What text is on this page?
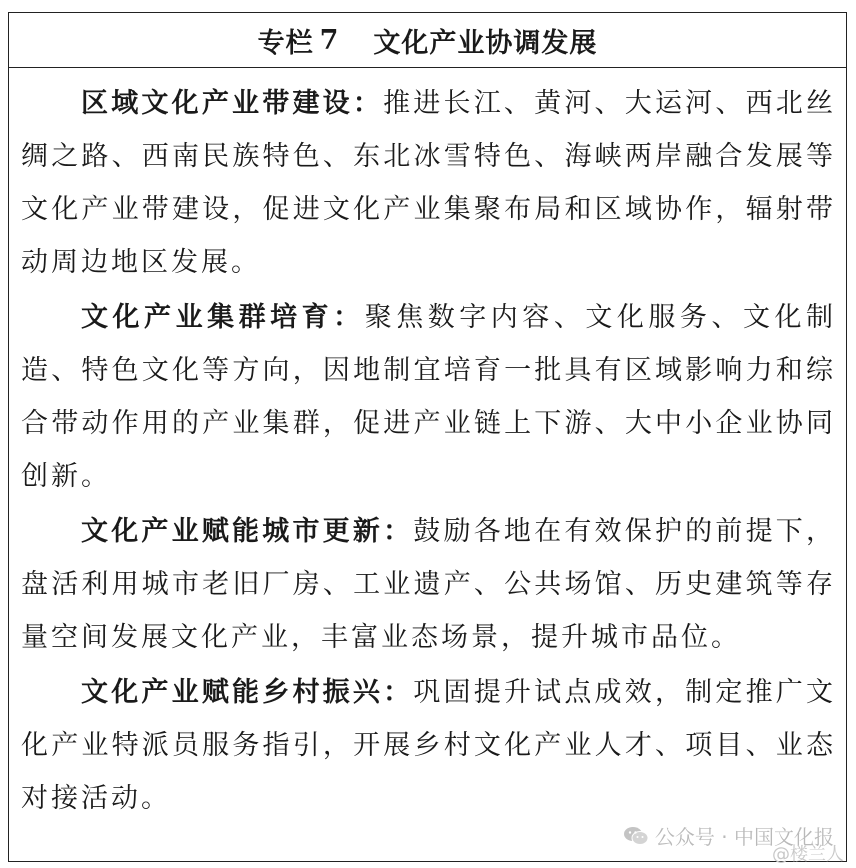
专栏 7 文化产业协调发展

区域文化产业带建设：推进长江、黄河、大运河、西北丝绸之路、西南民族特色、东北冰雪特色、海峡两岸融合发展等文化产业带建设，促进文化产业集聚布局和区域协作，辐射带动周边地区发展。

文化产业集群培育：聚焦数字内容、文化服务、文化制造、特色文化等方向，因地制宜培育一批具有区域影响力和综合带动作用的产业集群，促进产业链上下游、大中小企业协同创新。

文化产业赋能城市更新：鼓励各地在有效保护的前提下，盘活利用城市老旧厂房、工业遗产、公共场馆、历史建筑等存量空间发展文化产业，丰富业态场景，提升城市品位。

文化产业赋能乡村振兴：巩固提升试点成效，制定推广文化产业特派员服务指引，开展乡村文化产业人才、项目、业态对接活动。

公众号 · 中国文化报
@楼兰人
